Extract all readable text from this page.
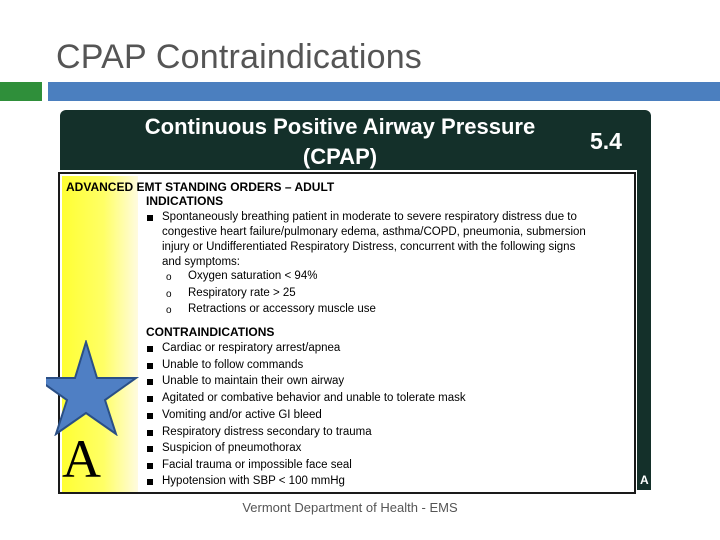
CPAP Contraindications
Continuous Positive Airway Pressure
(CPAP)
5.4
A
ADVANCED EMT STANDING ORDERS – ADULT
INDICATIONS
Spontaneously breathing patient in moderate to severe respiratory distress due to
congestive heart failure/pulmonary edema, asthma/COPD, pneumonia, submersion
injury or Undifferentiated Respiratory Distress, concurrent with the following signs
and symptoms:
o Oxygen saturation < 94%
o Respiratory rate > 25
o Retractions or accessory muscle use
CONTRAINDICATIONS
Cardiac or respiratory arrest/apnea
Unable to follow commands
Unable to maintain their own airway
Agitated or combative behavior and unable to tolerate mask
Vomiting and/or active GI bleed
Respiratory distress secondary to trauma
Suspicion of pneumothorax
Facial trauma or impossible face seal
Hypotension with SBP < 100 mmHg
A
Vermont Department of Health - EMS
